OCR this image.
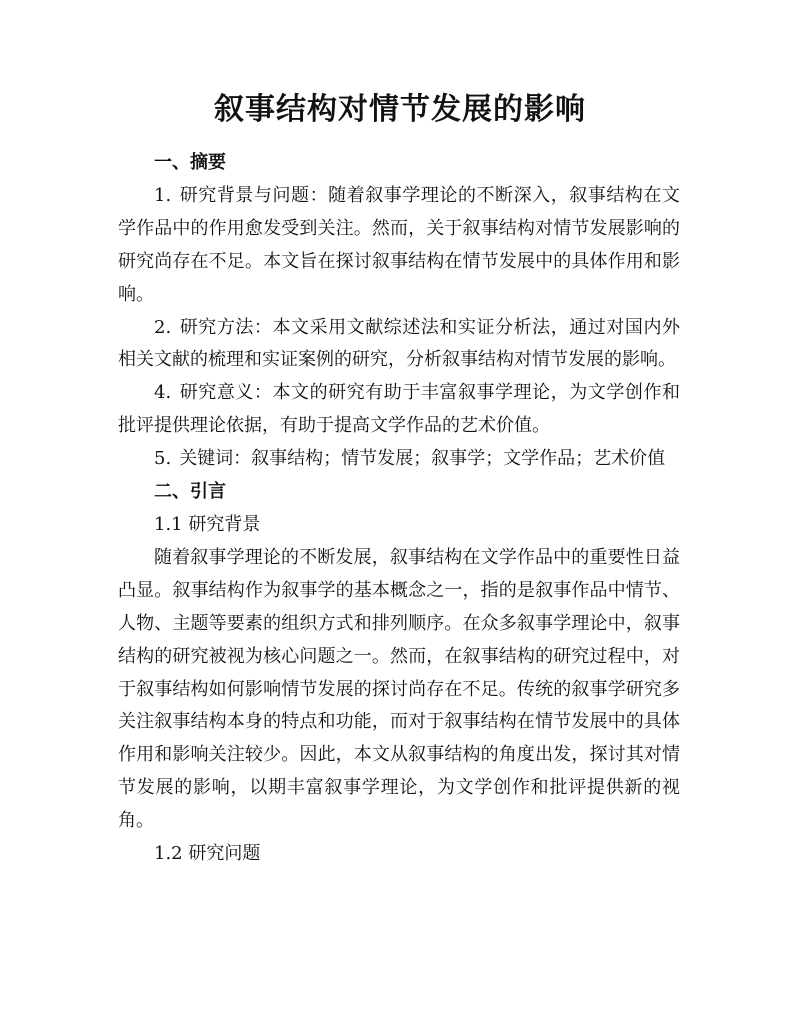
叙事结构对情节发展的影响

一、摘要

1. 研究背景与问题：随着叙事学理论的不断深入，叙事结构在文学作品中的作用愈发受到关注。然而，关于叙事结构对情节发展影响的研究尚存在不足。本文旨在探讨叙事结构在情节发展中的具体作用和影响。

2. 研究方法：本文采用文献综述法和实证分析法，通过对国内外相关文献的梳理和实证案例的研究，分析叙事结构对情节发展的影响。

4. 研究意义：本文的研究有助于丰富叙事学理论，为文学创作和批评提供理论依据，有助于提高文学作品的艺术价值。

5. 关键词：叙事结构；情节发展；叙事学；文学作品；艺术价值

二、引言

1.1 研究背景

随着叙事学理论的不断发展，叙事结构在文学作品中的重要性日益凸显。叙事结构作为叙事学的基本概念之一，指的是叙事作品中情节、人物、主题等要素的组织方式和排列顺序。在众多叙事学理论中，叙事结构的研究被视为核心问题之一。然而，在叙事结构的研究过程中，对于叙事结构如何影响情节发展的探讨尚存在不足。传统的叙事学研究多关注叙事结构本身的特点和功能，而对于叙事结构在情节发展中的具体作用和影响关注较少。因此，本文从叙事结构的角度出发，探讨其对情节发展的影响，以期丰富叙事学理论，为文学创作和批评提供新的视角。

1.2 研究问题
